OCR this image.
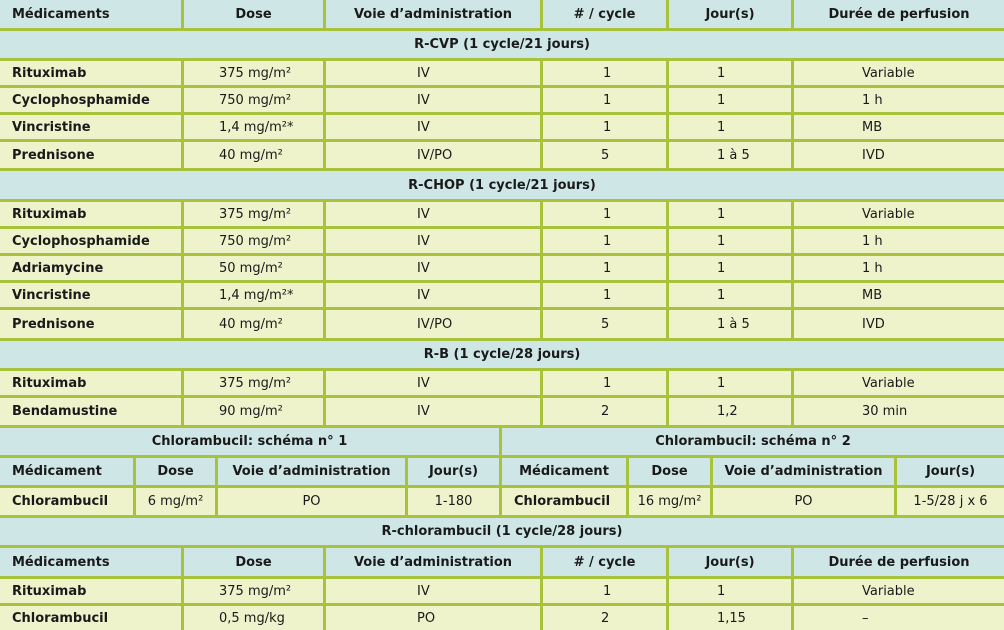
Médicaments	Dose	Voie d’administration	# / cycle	Jour(s)	Durée de perfusion
R-CVP (1 cycle/21 jours)
Rituximab	375 mg/m²	IV	1	1	Variable
Cyclophosphamide	750 mg/m²	IV	1	1	1 h
Vincristine	1,4 mg/m²*	IV	1	1	MB
Prednisone	40 mg/m²	IV/PO	5	1 à 5	IVD
R-CHOP (1 cycle/21 jours)
Rituximab	375 mg/m²	IV	1	1	Variable
Cyclophosphamide	750 mg/m²	IV	1	1	1 h
Adriamycine	50 mg/m²	IV	1	1	1 h
Vincristine	1,4 mg/m²*	IV	1	1	MB
Prednisone	40 mg/m²	IV/PO	5	1 à 5	IVD
R-B (1 cycle/28 jours)
Rituximab	375 mg/m²	IV	1	1	Variable
Bendamustine	90 mg/m²	IV	2	1,2	30 min
Chlorambucil: schéma n° 1	Chlorambucil: schéma n° 2
Médicament	Dose	Voie d’administration	Jour(s)	Médicament	Dose	Voie d’administration	Jour(s)
Chlorambucil	6 mg/m²	PO	1-180	Chlorambucil	16 mg/m²	PO	1-5/28 j x 6
R-chlorambucil (1 cycle/28 jours)
Médicaments	Dose	Voie d’administration	# / cycle	Jour(s)	Durée de perfusion
Rituximab	375 mg/m²	IV	1	1	Variable
Chlorambucil	0,5 mg/kg	PO	2	1,15	–
